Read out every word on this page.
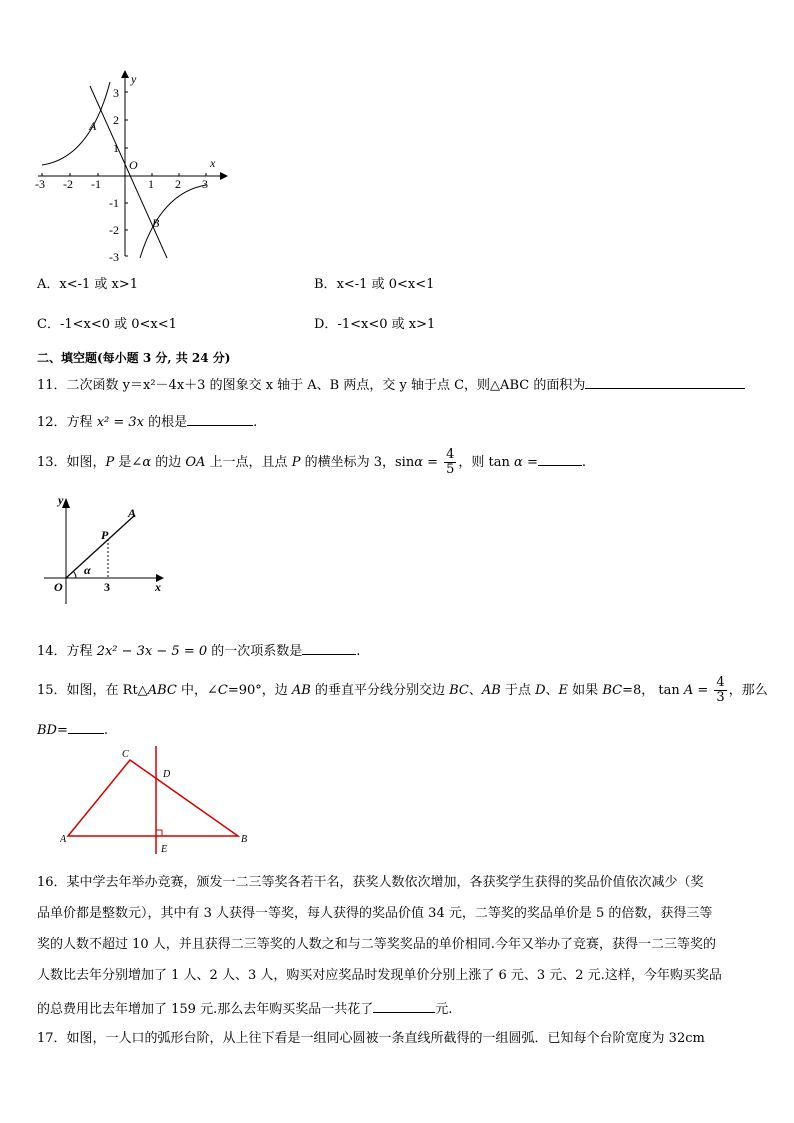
-3 -2 -1	1 2 3
3
2
1
-1
-2
-3
x
y
O
A
B
A．x<-1 或 x>1	B．x<-1 或 0<x<1
C．-1<x<0 或 0<x<1	D．-1<x<0 或 x>1
二、填空题(每小题 3 分, 共 24 分)
11．二次函数 y＝x²－4x＋3 的图象交 x 轴于 A、B 两点，交 y 轴于点 C，则△ABC 的面积为
12．方程 x² = 3x 的根是	.
13．如图，P 是∠α 的边 OA 上一点，且点 P 的横坐标为 3，$\sin\alpha = \frac{4}{5}$ ，则 tan α =	.
y
x
O
A
P
α
3
14．方程 2x² − 3x − 5 = 0 的一次项系数是	.
15．如图，在 Rt△ABC 中，∠C=90°，边 AB 的垂直平分线分别交边 BC、AB 于点 D、E 如果 BC=8， $\tan A = \frac{4}{3}$ ，那么
BD=	.
A	B
C
D
E
16．某中学去年举办竞赛，颁发一二三等奖各若干名，获奖人数依次增加，各获奖学生获得的奖品价值依次减少（奖
品单价都是整数元），其中有 3 人获得一等奖，每人获得的奖品价值 34 元，二等奖的奖品单价是 5 的倍数，获得三等
奖的人数不超过 10 人，并且获得二三等奖的人数之和与二等奖奖品的单价相同.今年又举办了竞赛，获得一二三等奖的
人数比去年分别增加了 1 人、2 人、3 人，购买对应奖品时发现单价分别上涨了 6 元、3 元、2 元.这样，今年购买奖品
的总费用比去年增加了 159 元.那么去年购买奖品一共花了	元.
17．如图，一人口的弧形台阶，从上往下看是一组同心圆被一条直线所截得的一组圆弧．已知每个台阶宽度为 32cm
